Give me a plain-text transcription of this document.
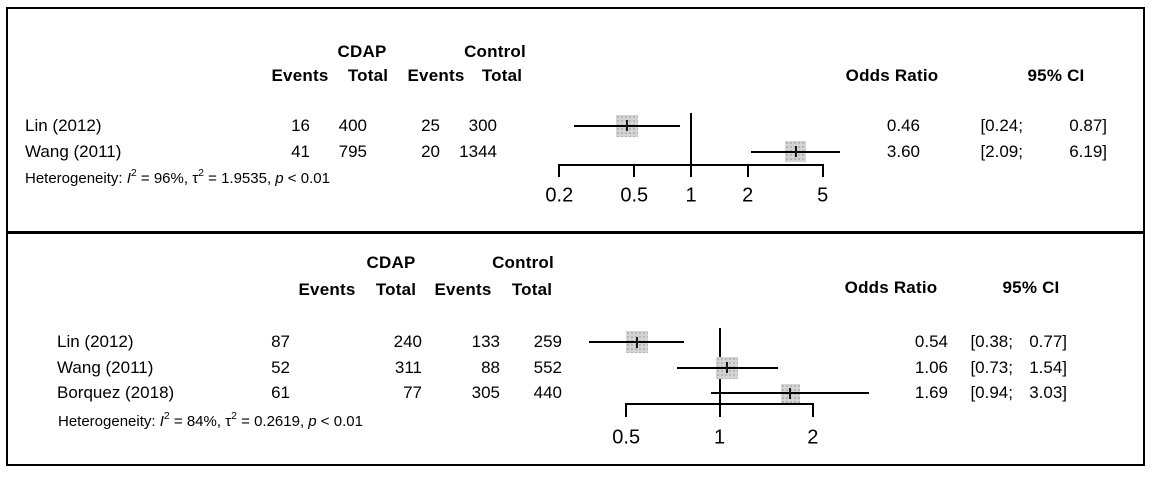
CDAP	Control
Events Total Events Total	Odds Ratio	95% CI
CDAP	Control
Events Total Events Total	Odds Ratio	95% CI
Lin (2012)	16	400	25	300	0.46	[0.24;	0.87]
Wang (2011)	41	795	20	1344	3.60	[2.09;	6.19]
Heterogeneity: $I^2 = 96\%$, $\tau^2 = 1.9535$, p < 0.01
0.2 0.5 1 2	5
Lin (2012)	87	240	133	259	0.54	[0.38; 0.77]
Wang (2011)	52	311	88	552	1.06	[0.73; 1.54]
Borquez (2018)	61	77	305	440	1.69	[0.94; 3.03]
Heterogeneity: $I^2 = 84\%$, $\tau^2 = 0.2619$, p < 0.01
0.5	1	2
